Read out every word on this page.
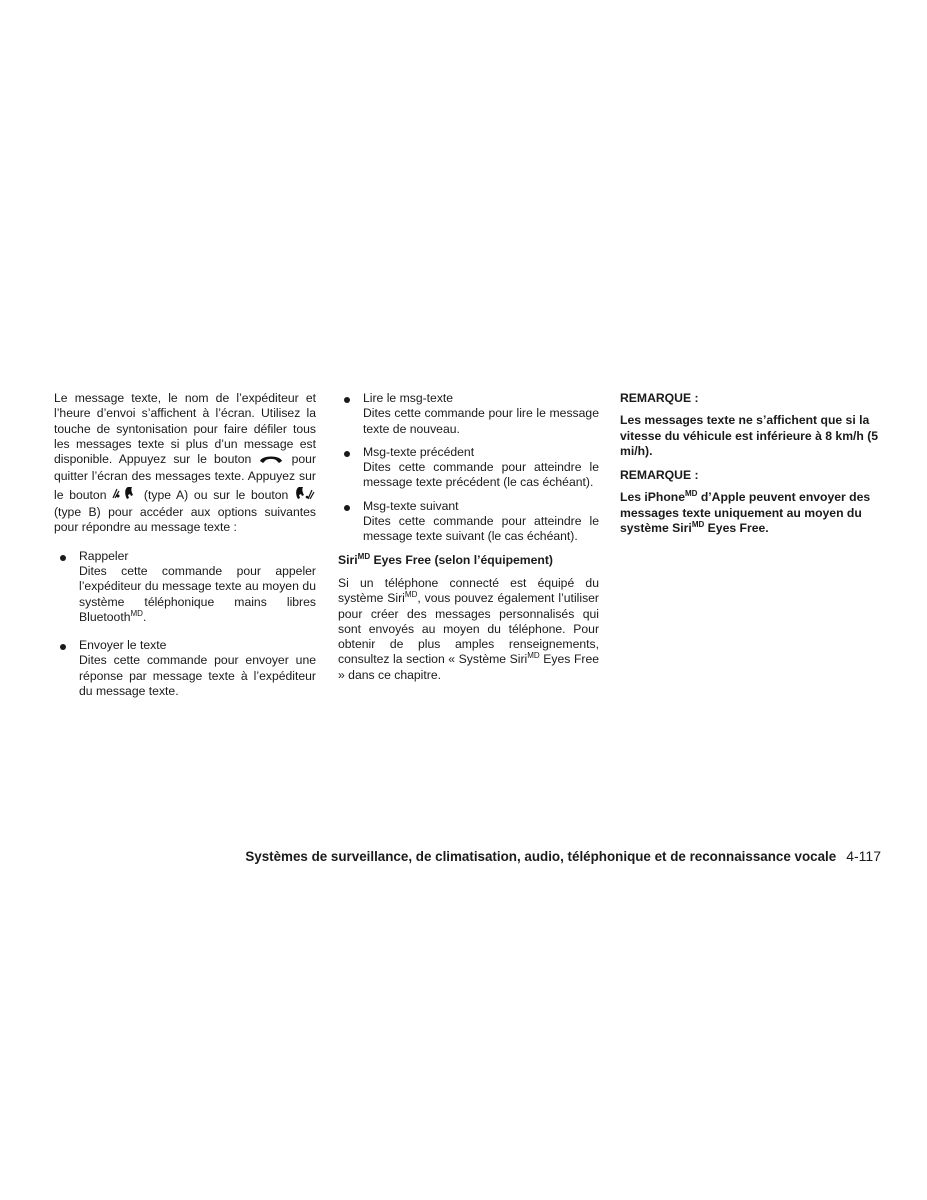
Le message texte, le nom de l’expéditeur et l’heure d’envoi s’affichent à l’écran. Utilisez la touche de syntonisation pour faire défiler tous les messages texte si plus d’un message est disponible. Appuyez sur le bouton	pour quitter l’écran des messages texte. Appuyez sur le bouton	(type A) ou sur le bouton  (type B) pour accéder aux options suivantes pour répondre au message texte :

Rappeler

Dites cette commande pour appeler l’expéditeur du message texte au moyen du système téléphonique mains libres Bluetooth$^{MD}$.

Envoyer le texte

Dites cette commande pour envoyer une réponse par message texte à l’expéditeur du message texte.

Lire le msg-texte

Dites cette commande pour lire le message texte de nouveau.

Msg-texte précédent

Dites cette commande pour atteindre le message texte précédent (le cas échéant).

Msg-texte suivant

Dites cette commande pour atteindre le message texte suivant (le cas échéant).

Siri$^{MD}$ Eyes Free (selon l’équipement)

Si un téléphone connecté est équipé du système Siri$^{MD}$, vous pouvez également l’utiliser pour créer des messages personnalisés qui sont envoyés au moyen du téléphone. Pour obtenir de plus amples renseignements, consultez la section « Système Siri$^{MD}$ Eyes Free » dans ce chapitre.

REMARQUE :

Les messages texte ne s’affichent que si la vitesse du véhicule est inférieure à 8 km/h (5 mi/h).

REMARQUE :

Les iPhone$^{MD}$ d’Apple peuvent envoyer des messages texte uniquement au moyen du système Siri$^{MD}$ Eyes Free.

Systèmes de surveillance, de climatisation, audio, téléphonique et de reconnaissance vocale 4-117
